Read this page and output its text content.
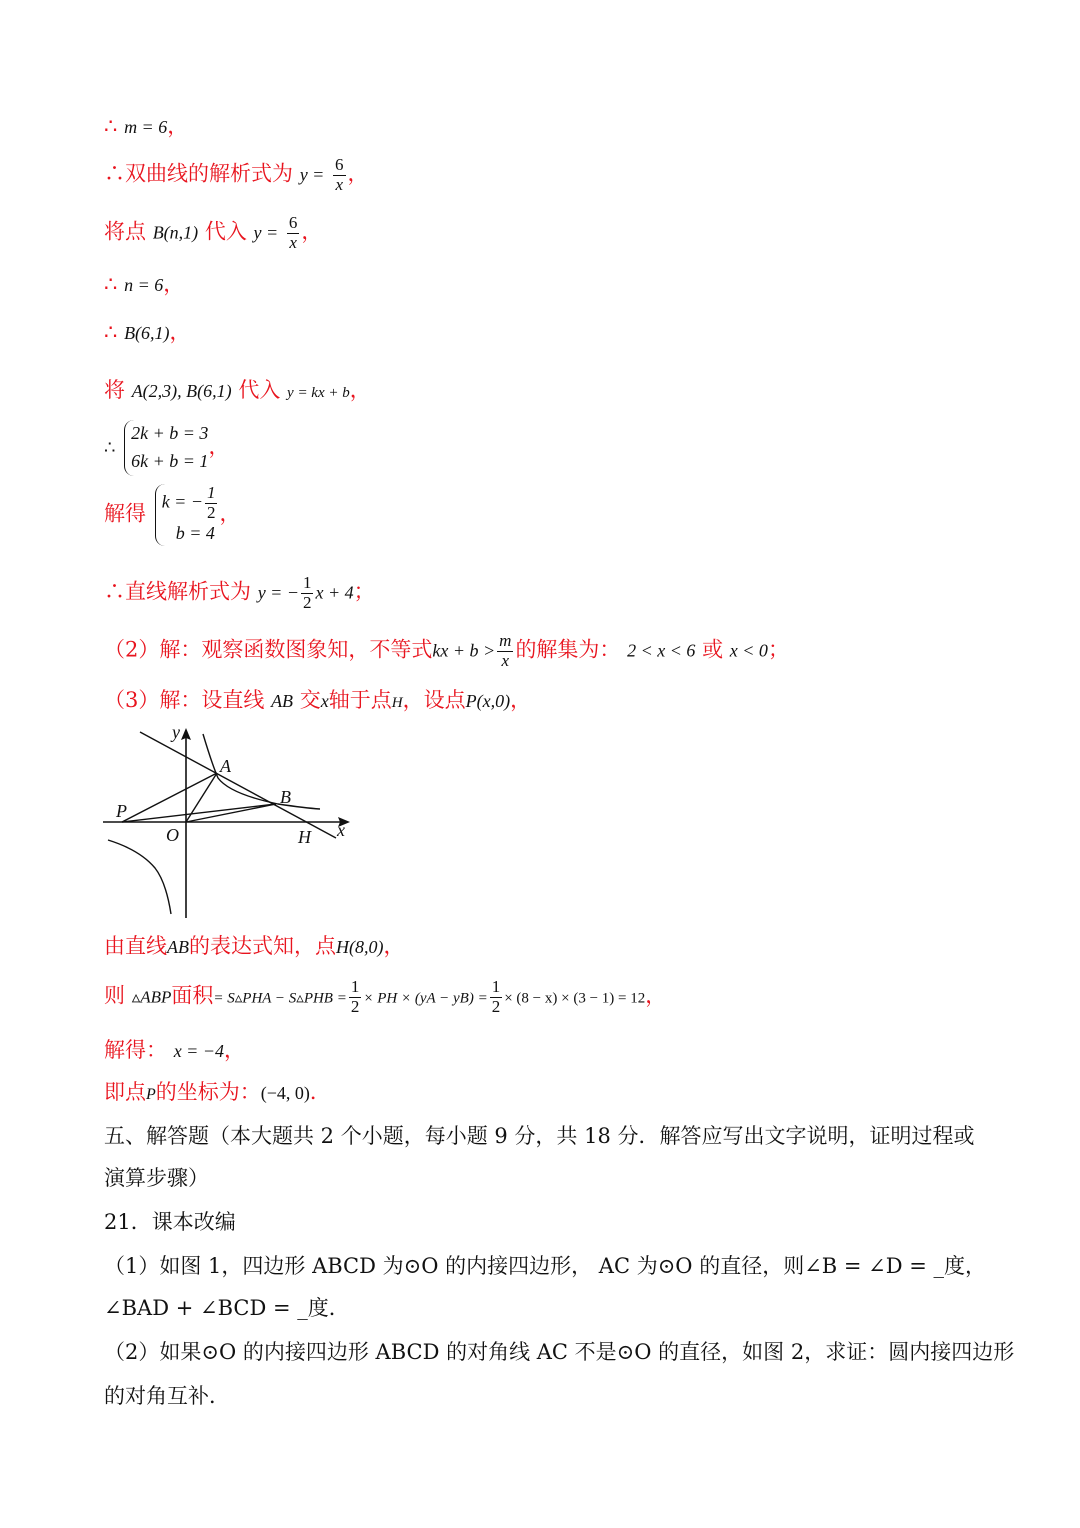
∴ m = 6，
∴双曲线的解析式为 $y = \frac{6}{x}$ ，
将点 B(n,1) 代入 $y = \frac{6}{x}$ ，
∴ n = 6，
∴ B(6,1)，
将 A(2,3), B(6,1) 代入 y = kx + b，
∴
2k + b = 3
6k + b = 1
，
解得
k = − $\frac{1}{2}$
b = 4
，
∴直线解析式为 y = − $\frac{1}{2}$ x + 4；
（2）解：观察函数图象知，不等式kx + $b > \frac{m}{x}$ 的解集为： 2 < x < 6 或 x < 0；
（3）解：设直线 AB 交x轴于点H，设点P(x,0)，
y
x
A
B
P
O	H
由直线AB的表达式知，点H(8,0)，
则 ▵ABP面积= S▵PHA − S▵PHB = $\frac{1}{2}$ × PH × $(yA - yB) = \frac{1}{2} \times (8 - x) \times (3 - 1) = 12$，
解得： x = −4，
即点P的坐标为：(−4, 0)．
五、解答题（本大题共 2 个小题，每小题 9 分，共 18 分．解答应写出文字说明，证明过程或
演算步骤）
21．课本改编
（1）如图 1，四边形 ABCD 为⊙O 的内接四边形， AC 为⊙O 的直径，则∠B = ∠D = _度，
∠BAD + ∠BCD = _度．
（2）如果⊙O 的内接四边形 ABCD 的对角线 AC 不是⊙O 的直径，如图 2，求证：圆内接四边形
的对角互补．
